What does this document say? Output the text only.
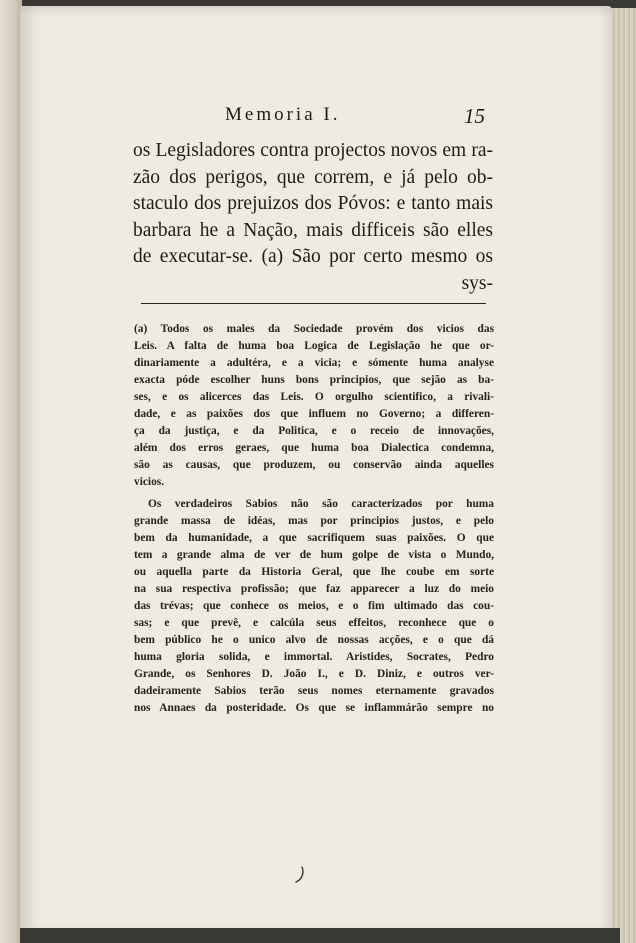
Memoria I.	15
os Legisladores contra projectos novos em ra-
zão dos perigos, que correm, e já pelo ob-
staculo dos prejuizos dos Póvos: e tanto mais
barbara he a Nação, mais difficeis são elles
de executar-se. (a) São por certo mesmo os
sys-
(a) Todos os males da Sociedade provém dos vicios das
Leis. A falta de huma boa Logica de Legislação he que or-
dinariamente a adultéra, e a vicia; e sómente huma analyse
exacta póde escolher huns bons principios, que sejão as ba-
ses, e os alicerces das Leis. O orgulho scientifico, a rivali-
dade, e as paixões dos que influem no Governo; a differen-
ça da justiça, e da Politica, e o receio de innovações,
além dos erros geraes, que huma boa Dialectica condemna,
são as causas, que produzem, ou conservão ainda aquelles
vicios.
Os verdadeiros Sabios não são caracterizados por huma
grande massa de idéas, mas por principios justos, e pelo
bem da humanidade, a que sacrifiquem suas paixões. O que
tem a grande alma de ver de hum golpe de vista o Mundo,
ou aquella parte da Historia Geral, que lhe coube em sorte
na sua respectiva profissão; que faz apparecer a luz do meio
das trévas; que conhece os meios, e o fim ultimado das cou-
sas; e que prevê, e calcúla seus effeitos, reconhece que o
bem público he o unico alvo de nossas acções, e o que dá
huma gloria solida, e immortal. Aristides, Socrates, Pedro
Grande, os Senhores D. João I., e D. Diniz, e outros ver-
dadeiramente Sabios terão seus nomes eternamente gravados
nos Annaes da posteridade. Os que se inflammárão sempre no
